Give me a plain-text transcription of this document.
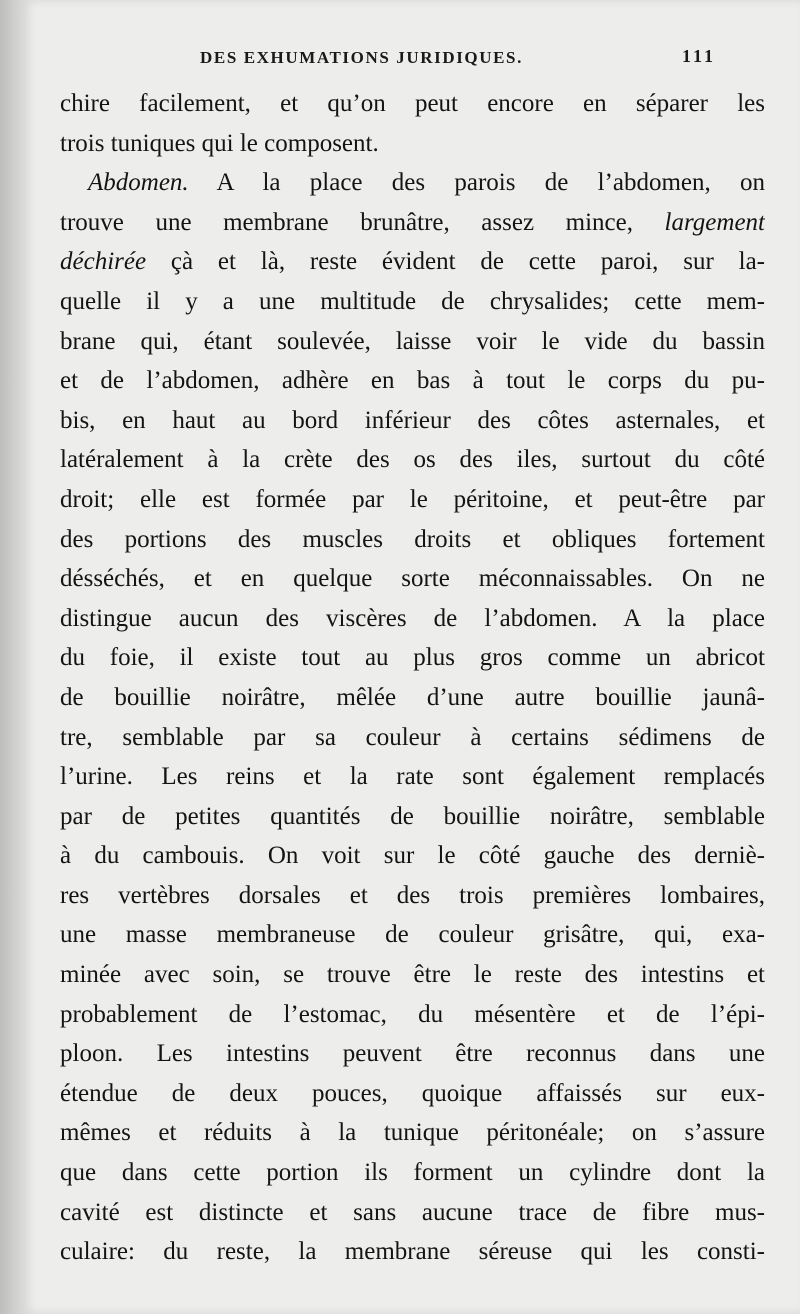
DES EXHUMATIONS JURIDIQUES.	111
chire facilement, et qu’on peut encore en séparer les
trois tuniques qui le composent.
Abdomen. A la place des parois de l’abdomen, on
trouve une membrane brunâtre, assez mince, largement
déchirée çà et là, reste évident de cette paroi, sur la-
quelle il y a une multitude de chrysalides; cette mem-
brane qui, étant soulevée, laisse voir le vide du bassin
et de l’abdomen, adhère en bas à tout le corps du pu-
bis, en haut au bord inférieur des côtes asternales, et
latéralement à la crète des os des iles, surtout du côté
droit; elle est formée par le péritoine, et peut-être par
des portions des muscles droits et obliques fortement
désséchés, et en quelque sorte méconnaissables. On ne
distingue aucun des viscères de l’abdomen. A la place
du foie, il existe tout au plus gros comme un abricot
de bouillie noirâtre, mêlée d’une autre bouillie jaunâ-
tre, semblable par sa couleur à certains sédimens de
l’urine. Les reins et la rate sont également remplacés
par de petites quantités de bouillie noirâtre, semblable
à du cambouis. On voit sur le côté gauche des derniè-
res vertèbres dorsales et des trois premières lombaires,
une masse membraneuse de couleur grisâtre, qui, exa-
minée avec soin, se trouve être le reste des intestins et
probablement de l’estomac, du mésentère et de l’épi-
ploon. Les intestins peuvent être reconnus dans une
étendue de deux pouces, quoique affaissés sur eux-
mêmes et réduits à la tunique péritonéale; on s’assure
que dans cette portion ils forment un cylindre dont la
cavité est distincte et sans aucune trace de fibre mus-
culaire: du reste, la membrane séreuse qui les consti-
